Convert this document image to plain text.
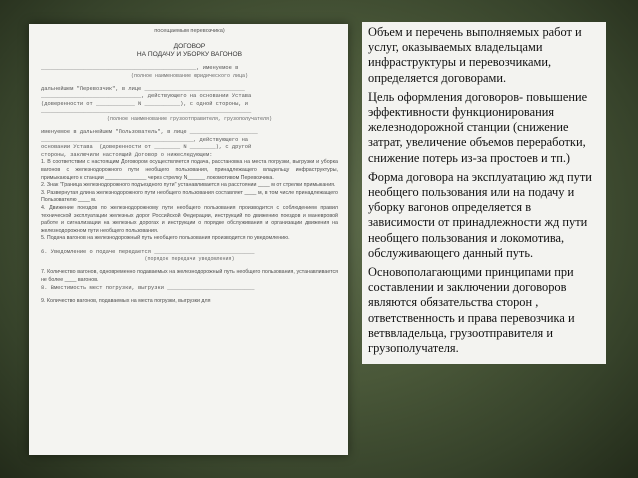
посещаемым перевозчика)
ДОГОВОР
НА ПОДАЧУ И УБОРКУ ВАГОНОВ
________________________________________________, именуемое в
(полное наименование юридического лица)
дальнейшем "Перевозчик", в лице _______________________________
_______________________________, действующего на основании Устава
(доверенности от ____________ N ___________), с одной стороны, и
_________________________________________________________________
(полное наименование грузоотправителя, грузополучателя)
именуемое в дальнейшем "Пользователь", в лице _____________________
_______________________________________________, действующего на
основании Устава  (доверенности от ________ N ________), с другой
стороны, заключили настоящий Договор о нижеследующем:
1. В соответствии с настоящим Договором осуществляется подача, расстановка на места погрузки, выгрузки и уборка вагонов с железнодорожного пути необщего пользования, принадлежащего владельцу инфраструктуры, примыкающего к станции ______________ через стрелку N______ локомотивом Перевозчика.
2. Знак "Граница железнодорожного подъездного пути" устанавливается на расстоянии ____ м от стрелки примыкания.
3. Развернутая длина железнодорожного пути необщего пользования составляет ____ м, в том числе принадлежащего Пользователю ____ м.
4. Движение поездов по железнодорожному пути необщего пользования производится с соблюдением правил технической эксплуатации железных дорог Российской Федерации, инструкций по движению поездов и маневровой работе и сигнализации на железных дорогах и инструкции о порядке обслуживания и организации движения на железнодорожном пути необщего пользования.
5. Подача вагонов на железнодорожный путь необщего пользования производится по уведомлению.
6. Уведомление о подаче передается _______________________________
(порядок передачи уведомления)
7. Количество вагонов, одновременно подаваемых на железнодорожный путь необщего пользования, устанавливается не более ____ вагонов.
8. Вместимость мест погрузки, выгрузки ___________________________
9. Количество вагонов, подаваемых на места погрузки, выгрузки для

Объем и перечень выполняемых работ и услуг, оказываемых владельцами инфраструктуры и перевозчиками, определяется договорами.

Цель оформления договоров- повышение эффективности функционирования железнодорожной станции (снижение затрат, увеличение объемов переработки, снижение потерь из-за простоев и тп.)

Форма договора на эксплуатацию жд пути необщего пользования или на подачу и уборку вагонов определяется в зависимости от принадлежности жд пути необщего пользования и локомотива, обслуживающего данный путь.

Основополагающими принципами при составлении и заключении договоров являются обязательства сторон , ответственность и права перевозчика и ветввладельца, грузоотправителя и грузополучателя.
